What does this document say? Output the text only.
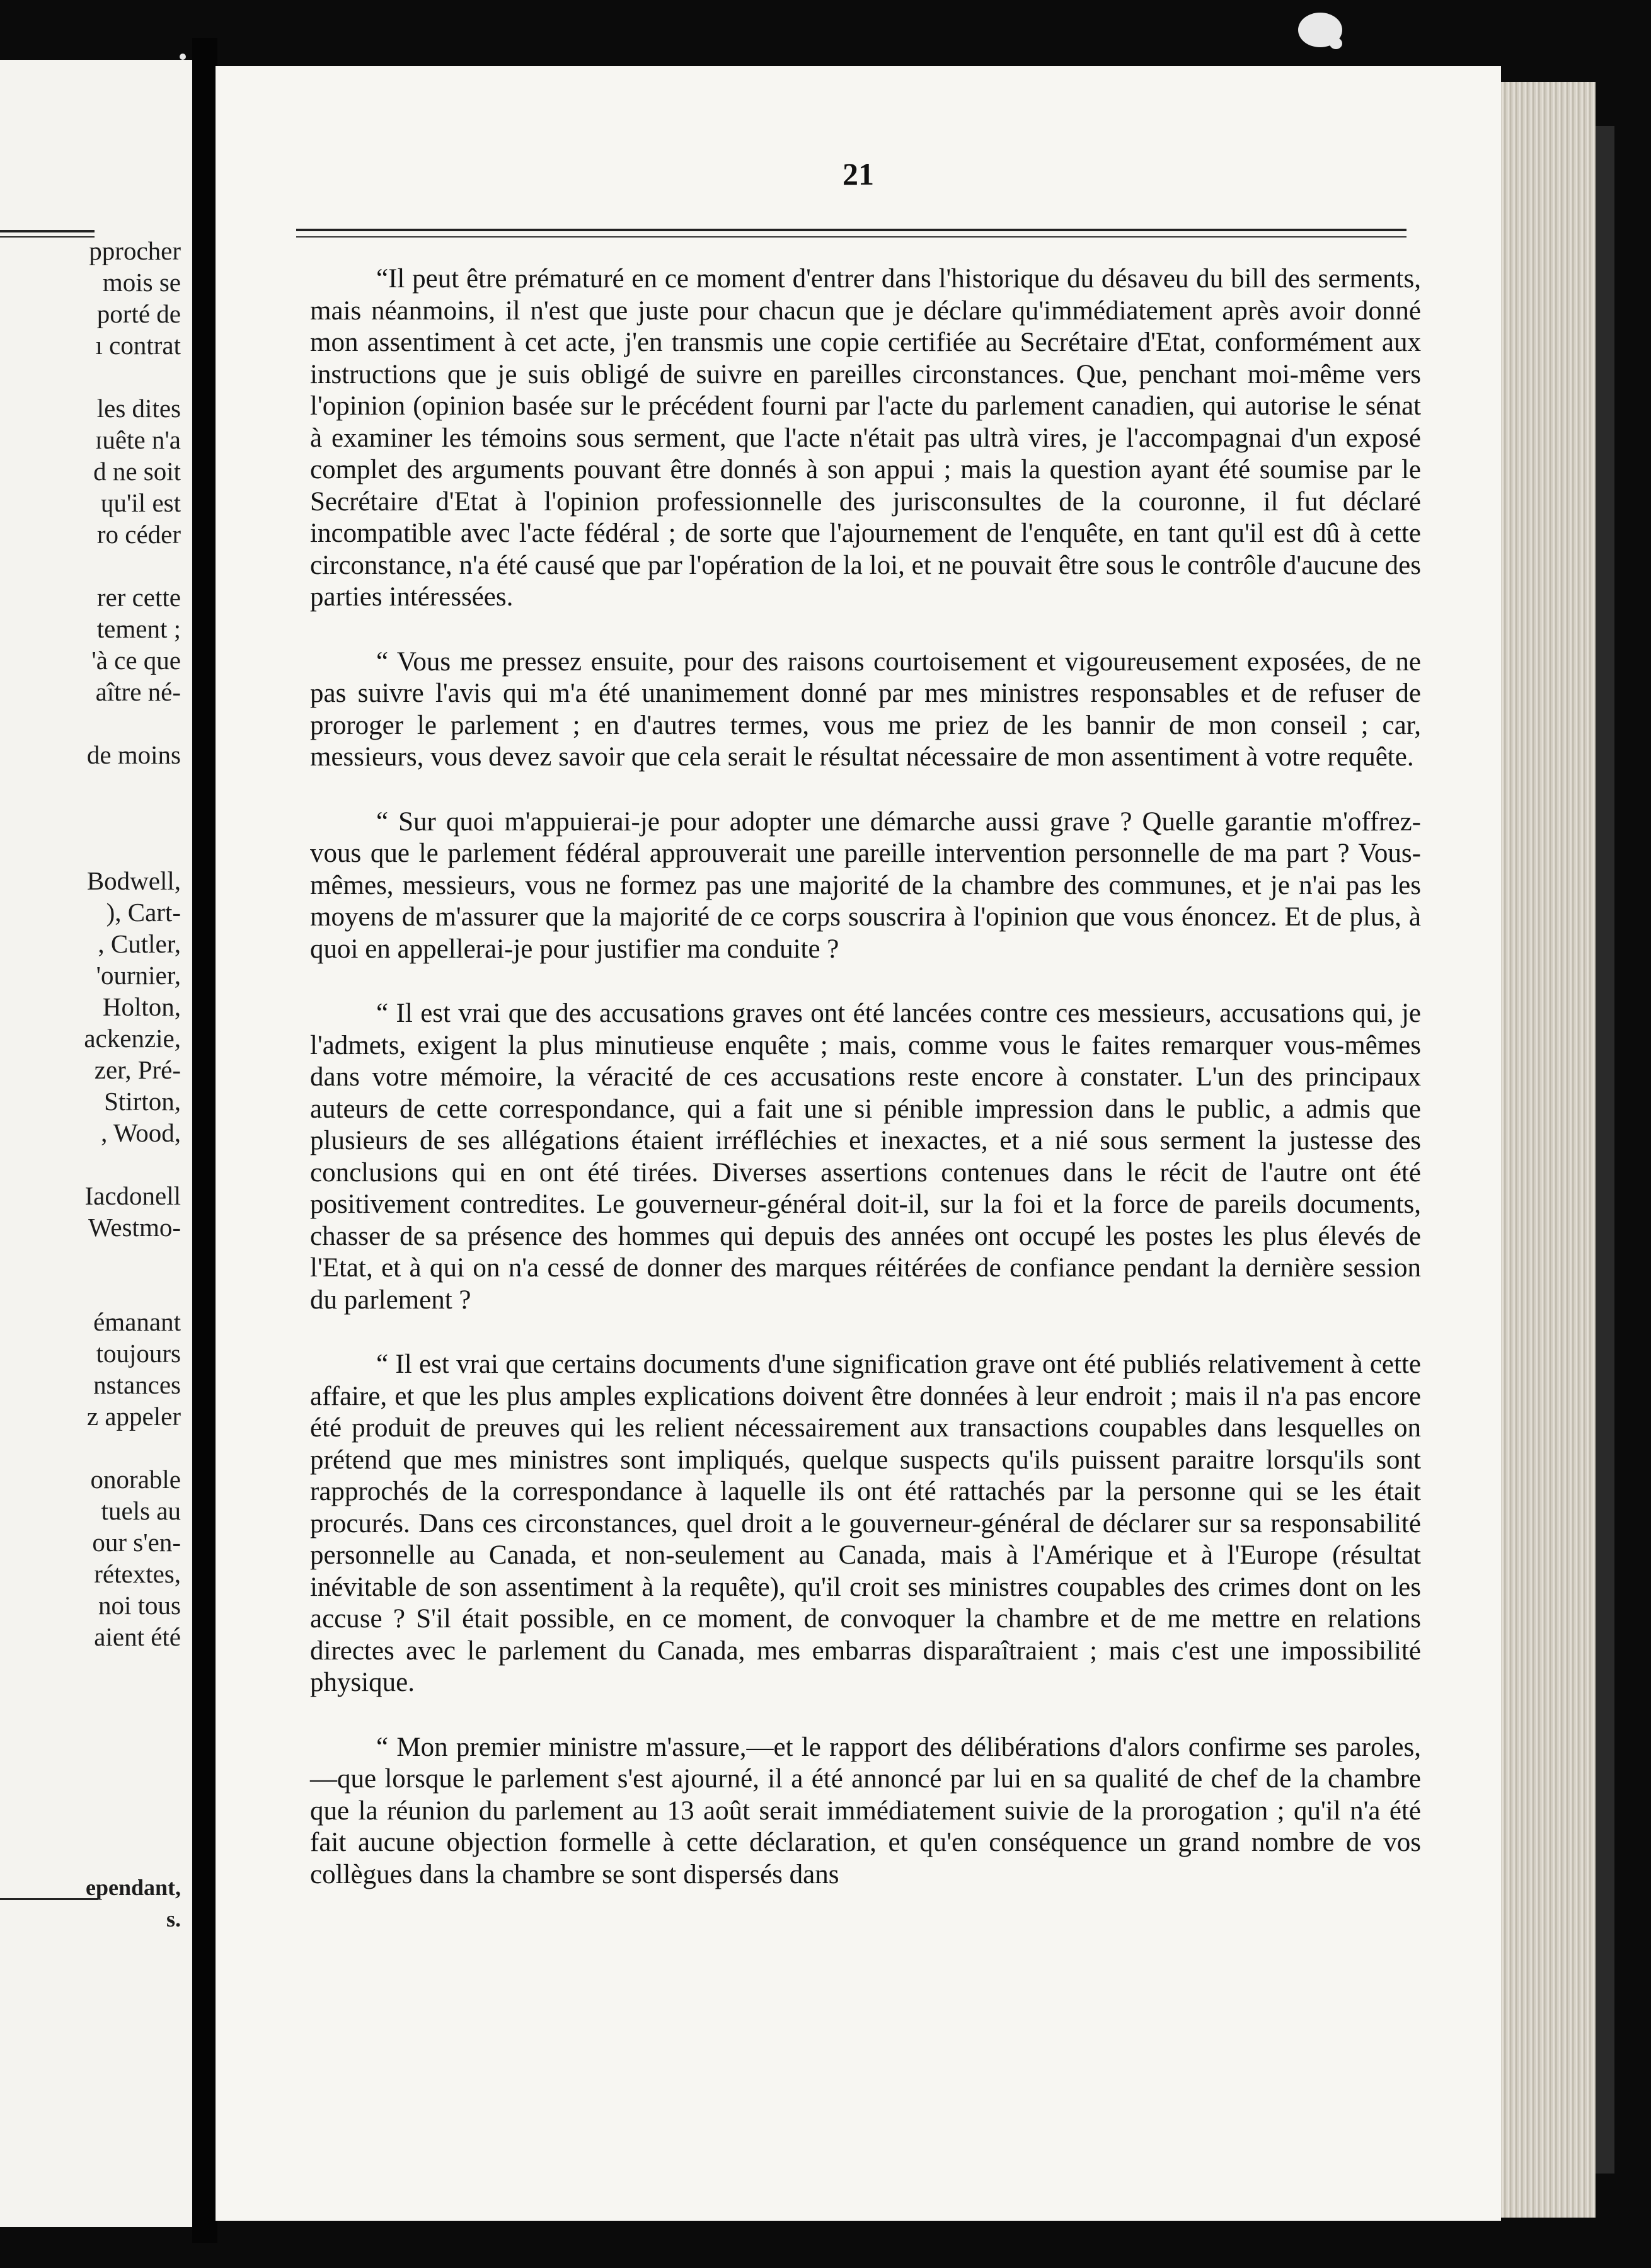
pprocher
mois se
porté de
ı contrat
les dites
ɪuête n'a
d ne soit
ɥu'il est
ro céder
rer cette
tement ;
'à ce que
aître né-
de moins
Bodwell,
), Cart-
, Cutler,
'ournier,
Holton,
ackenzie,
zer, Pré-
Stirton,
, Wood,
Iacdonell
Westmo-
émanant
toujours
nstances
z appeler
onorable
tuels au
our s'en-
rétextes,
noi tous
aient été
ependant,
s.
21

“Il peut être prématuré en ce moment d'entrer dans l'historique du désaveu du bill des serments, mais néanmoins, il n'est que juste pour chacun que je déclare qu'immédiatement après avoir donné mon assentiment à cet acte, j'en transmis une copie certifiée au Secrétaire d'Etat, conformément aux instructions que je suis obligé de suivre en pareilles circonstances. Que, penchant moi-même vers l'opinion (opinion basée sur le précédent fourni par l'acte du parlement canadien, qui autorise le sénat à examiner les témoins sous serment, que l'acte n'était pas ultrà vires, je l'accompagnai d'un exposé complet des arguments pouvant être donnés à son appui ; mais la question ayant été soumise par le Secrétaire d'Etat à l'opinion professionnelle des jurisconsultes de la couronne, il fut déclaré incompatible avec l'acte fédéral ; de sorte que l'ajournement de l'enquête, en tant qu'il est dû à cette circonstance, n'a été causé que par l'opération de la loi, et ne pouvait être sous le contrôle d'aucune des parties intéressées.

“ Vous me pressez ensuite, pour des raisons courtoisement et vigoureusement exposées, de ne pas suivre l'avis qui m'a été unanimement donné par mes ministres responsables et de refuser de proroger le parlement ; en d'autres termes, vous me priez de les bannir de mon conseil ; car, messieurs, vous devez savoir que cela serait le résultat nécessaire de mon assentiment à votre requête.

“ Sur quoi m'appuierai-je pour adopter une démarche aussi grave ? Quelle garantie m'offrez-vous que le parlement fédéral approuverait une pareille intervention personnelle de ma part ? Vous-mêmes, messieurs, vous ne formez pas une majorité de la chambre des communes, et je n'ai pas les moyens de m'assurer que la majorité de ce corps souscrira à l'opinion que vous énoncez. Et de plus, à quoi en appellerai-je pour justifier ma conduite ?

“ Il est vrai que des accusations graves ont été lancées contre ces messieurs, accusations qui, je l'admets, exigent la plus minutieuse enquête ; mais, comme vous le faites remarquer vous-mêmes dans votre mémoire, la véracité de ces accusations reste encore à constater. L'un des principaux auteurs de cette correspondance, qui a fait une si pénible impression dans le public, a admis que plusieurs de ses allégations étaient irréfléchies et inexactes, et a nié sous serment la justesse des conclusions qui en ont été tirées. Diverses assertions contenues dans le récit de l'autre ont été positivement contredites. Le gouverneur-général doit-il, sur la foi et la force de pareils documents, chasser de sa présence des hommes qui depuis des années ont occupé les postes les plus élevés de l'Etat, et à qui on n'a cessé de donner des marques réitérées de confiance pendant la dernière session du parlement ?

“ Il est vrai que certains documents d'une signification grave ont été publiés relativement à cette affaire, et que les plus amples explications doivent être données à leur endroit ; mais il n'a pas encore été produit de preuves qui les relient nécessairement aux transactions coupables dans lesquelles on prétend que mes ministres sont impliqués, quelque suspects qu'ils puissent paraitre lorsqu'ils sont rapprochés de la correspondance à laquelle ils ont été rattachés par la personne qui se les était procurés. Dans ces circonstances, quel droit a le gouverneur-général de déclarer sur sa responsabilité personnelle au Canada, et non-seulement au Canada, mais à l'Amérique et à l'Europe (résultat inévitable de son assentiment à la requête), qu'il croit ses ministres coupables des crimes dont on les accuse ? S'il était possible, en ce moment, de convoquer la chambre et de me mettre en relations directes avec le parlement du Canada, mes embarras disparaîtraient ; mais c'est une impossibilité physique.

“ Mon premier ministre m'assure,—et le rapport des délibérations d'alors confirme ses paroles,—que lorsque le parlement s'est ajourné, il a été annoncé par lui en sa qualité de chef de la chambre que la réunion du parlement au 13 août serait immédiatement suivie de la prorogation ; qu'il n'a été fait aucune objection formelle à cette déclaration, et qu'en conséquence un grand nombre de vos collègues dans la chambre se sont dispersés dans
